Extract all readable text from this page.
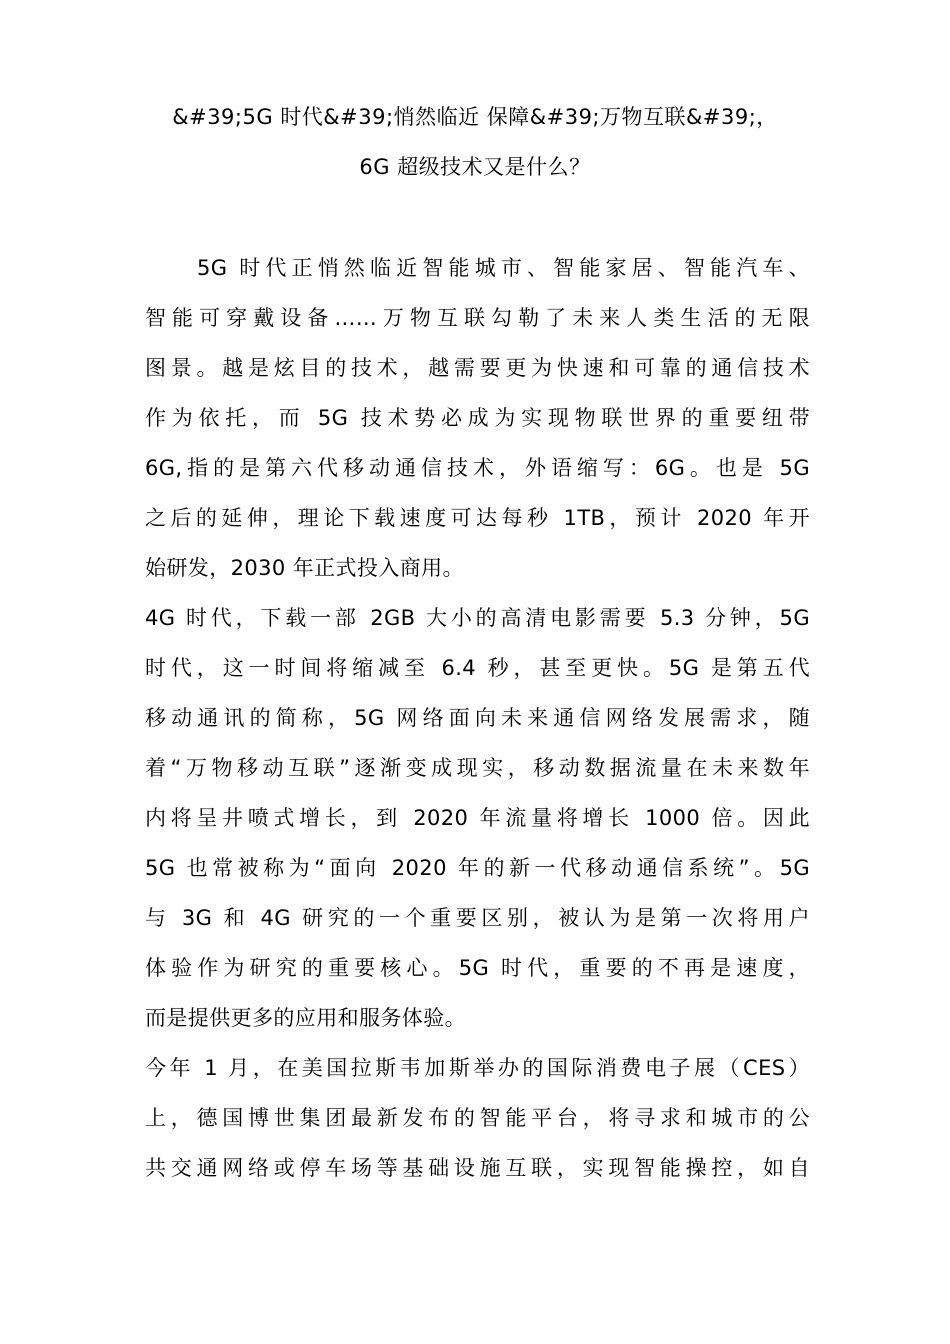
&#39;5G 时代&#39;悄然临近 保障&#39;万物互联&#39;，
6G 超级技术又是什么？
5G 时代正悄然临近智能城市、智能家居、智能汽车、
智能可穿戴设备……万物互联勾勒了未来人类生活的无限
图景。越是炫目的技术，越需要更为快速和可靠的通信技术
作为依托，而 5G 技术势必成为实现物联世界的重要纽带
6G,指的是第六代移动通信技术，外语缩写：6G。也是 5G
之后的延伸，理论下载速度可达每秒 1TB，预计 2020 年开
始研发，2030 年正式投入商用。
4G 时代，下载一部 2GB 大小的高清电影需要 5.3 分钟，5G
时代，这一时间将缩减至 6.4 秒，甚至更快。5G 是第五代
移动通讯的简称，5G 网络面向未来通信网络发展需求，随
着“万物移动互联”逐渐变成现实，移动数据流量在未来数年
内将呈井喷式增长，到 2020 年流量将增长 1000 倍。因此
5G 也常被称为“面向 2020 年的新一代移动通信系统”。5G
与 3G 和 4G 研究的一个重要区别，被认为是第一次将用户
体验作为研究的重要核心。5G 时代，重要的不再是速度，
而是提供更多的应用和服务体验。
今年 1 月，在美国拉斯韦加斯举办的国际消费电子展（CES）
上，德国博世集团最新发布的智能平台，将寻求和城市的公
共交通网络或停车场等基础设施互联，实现智能操控，如自
